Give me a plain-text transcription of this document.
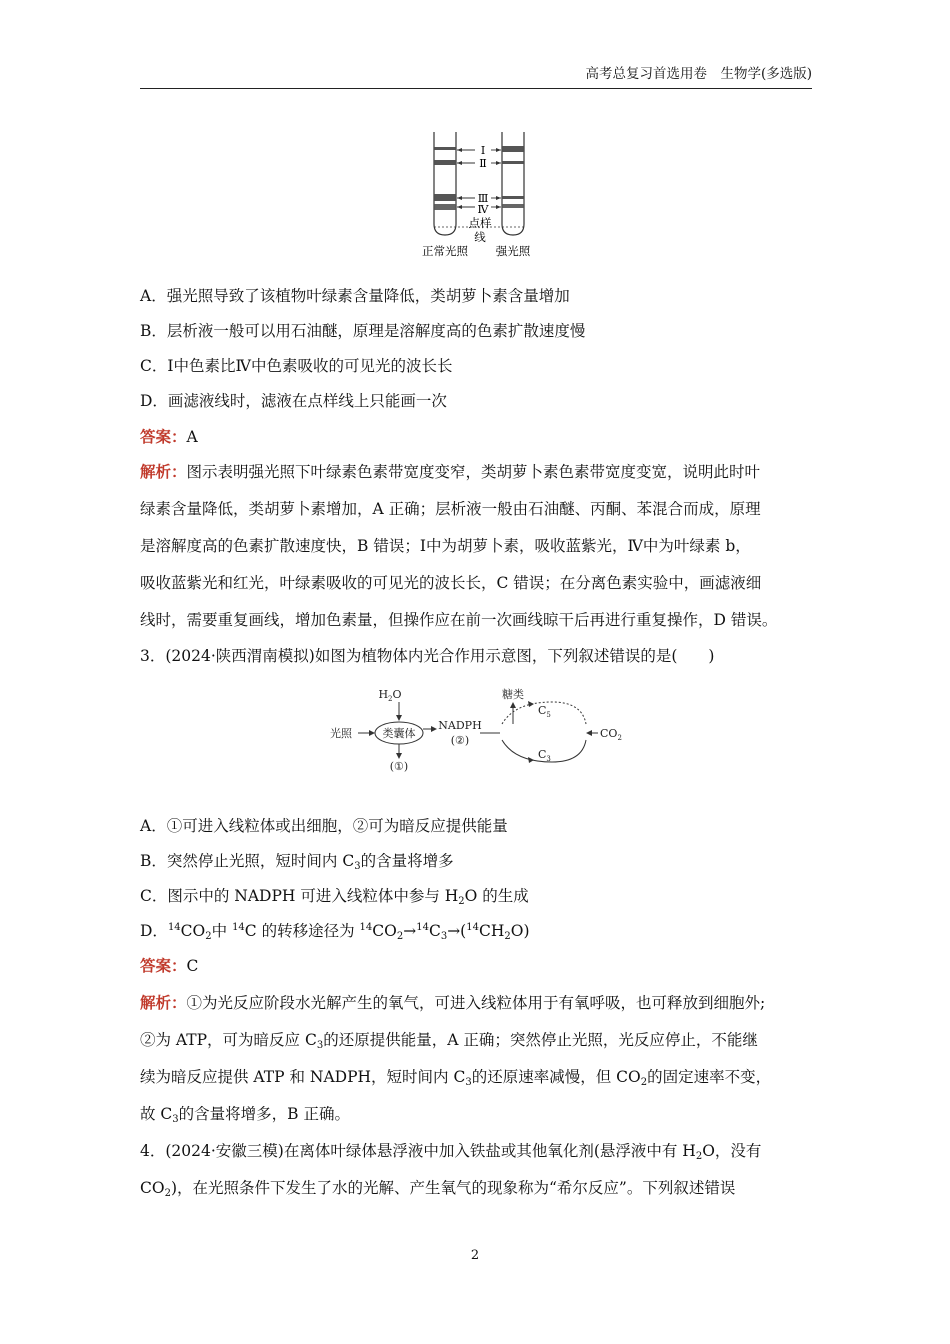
高考总复习首选用卷　生物学(多选版)
Ⅰ
Ⅱ
Ⅲ
Ⅳ
点样
线
正常光照 强光照
A．强光照导致了该植物叶绿素含量降低，类胡萝卜素含量增加
B．层析液一般可以用石油醚，原理是溶解度高的色素扩散速度慢
C．Ⅰ中色素比Ⅳ中色素吸收的可见光的波长长
D．画滤液线时，滤液在点样线上只能画一次
答案：A
解析：图示表明强光照下叶绿素色素带宽度变窄，类胡萝卜素色素带宽度变宽，说明此时叶
绿素含量降低，类胡萝卜素增加，A 正确；层析液一般由石油醚、丙酮、苯混合而成，原理
是溶解度高的色素扩散速度快，B 错误；Ⅰ中为胡萝卜素，吸收蓝紫光，Ⅳ中为叶绿素 b，
吸收蓝紫光和红光，叶绿素吸收的可见光的波长长，C 错误；在分离色素实验中，画滤液细
线时，需要重复画线，增加色素量，但操作应在前一次画线晾干后再进行重复操作，D 错误。
3．(2024·陕西渭南模拟)如图为植物体内光合作用示意图，下列叙述错误的是(　　)
$H_2O$
光照	类囊体
(①)
NADPH
(②)
糖类
$C_5$
$C_3$
$CO_2$
A．①可进入线粒体或出细胞，②可为暗反应提供能量
B．突然停止光照，短时间内 $C_3$的含量将增多
C．图示中的 NADPH 可进入线粒体中参与 $H_2O$ 的生成
D．$^{14}CO_2$中 $^{14}$C 的转移途径为 $^{14}CO_2\to^{14}C_3\to(^{14}CH_2O)$
答案：C
解析：①为光反应阶段水光解产生的氧气，可进入线粒体用于有氧呼吸，也可释放到细胞外;
②为 ATP，可为暗反应 $C_3$的还原提供能量，A 正确；突然停止光照，光反应停止，不能继
续为暗反应提供 ATP 和 NADPH，短时间内 $C_3$的还原速率减慢，但 $CO_2$的固定速率不变，
故 $C_3$的含量将增多，B 正确。
4．(2024·安徽三模)在离体叶绿体悬浮液中加入铁盐或其他氧化剂(悬浮液中有 $H_2O$，没有
$CO_2$)，在光照条件下发生了水的光解、产生氧气的现象称为“希尔反应”。下列叙述错误
2
